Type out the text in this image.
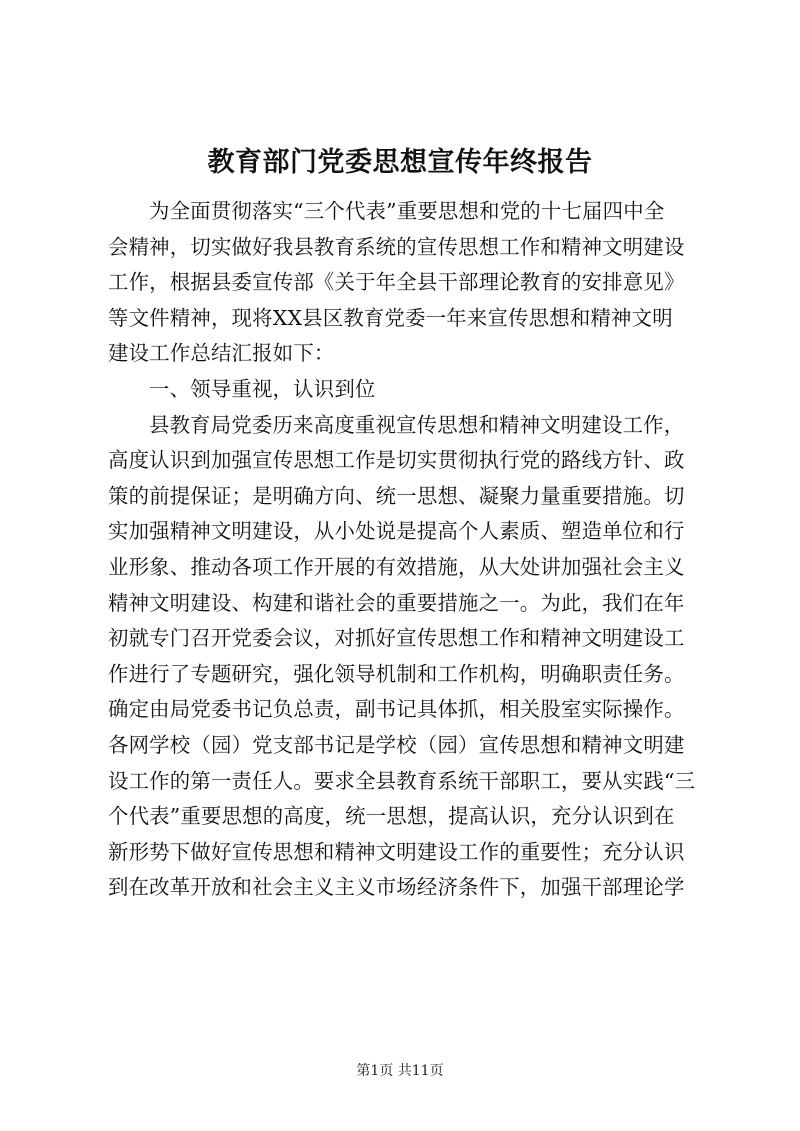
教育部门党委思想宣传年终报告
为全面贯彻落实“三个代表”重要思想和党的十七届四中全
会精神，切实做好我县教育系统的宣传思想工作和精神文明建设
工作，根据县委宣传部《关于年全县干部理论教育的安排意见》
等文件精神，现将XX县区教育党委一年来宣传思想和精神文明
建设工作总结汇报如下：
一、领导重视，认识到位
县教育局党委历来高度重视宣传思想和精神文明建设工作，
高度认识到加强宣传思想工作是切实贯彻执行党的路线方针、政
策的前提保证；是明确方向、统一思想、凝聚力量重要措施。切
实加强精神文明建设，从小处说是提高个人素质、塑造单位和行
业形象、推动各项工作开展的有效措施，从大处讲加强社会主义
精神文明建设、构建和谐社会的重要措施之一。为此，我们在年
初就专门召开党委会议，对抓好宣传思想工作和精神文明建设工
作进行了专题研究，强化领导机制和工作机构，明确职责任务。
确定由局党委书记负总责，副书记具体抓，相关股室实际操作。
各网学校（园）党支部书记是学校（园）宣传思想和精神文明建
设工作的第一责任人。要求全县教育系统干部职工，要从实践“三
个代表”重要思想的高度，统一思想，提高认识，充分认识到在
新形势下做好宣传思想和精神文明建设工作的重要性；充分认识
到在改革开放和社会主义主义市场经济条件下，加强干部理论学
第1页 共11页
